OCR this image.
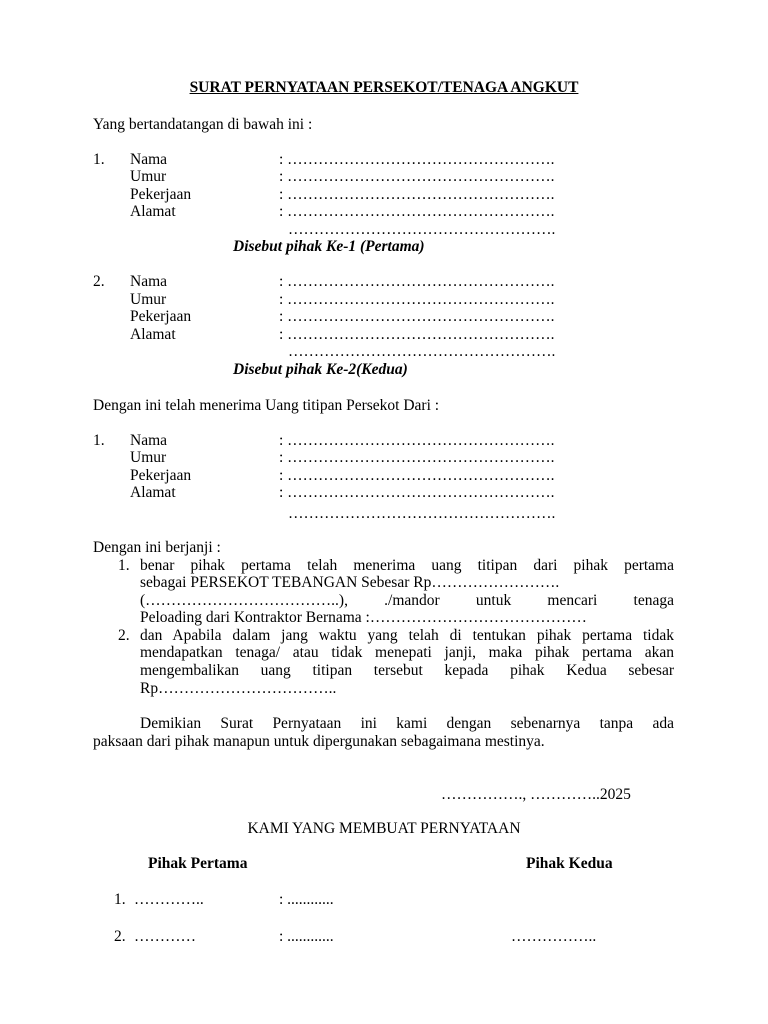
SURAT PERNYATAAN PERSEKOT/TENAGA ANGKUT
Yang bertandatangan di bawah ini :
1. Nama	: …………………………………………….
Umur	: …………………………………………….
Pekerjaan	: …………………………………………….
Alamat	: …………………………………………….
…………………………………………….
Disebut pihak Ke-1 (Pertama)
2. Nama	: …………………………………………….
Umur	: …………………………………………….
Pekerjaan	: …………………………………………….
Alamat	: …………………………………………….
…………………………………………….
Disebut pihak Ke-2(Kedua)
Dengan ini telah menerima Uang titipan Persekot Dari :
1. Nama	: …………………………………………….
Umur	: …………………………………………….
Pekerjaan	: …………………………………………….
Alamat	: …………………………………………….
…………………………………………….
Dengan ini berjanji :
1. benar pihak pertama telah menerima uang titipan dari pihak pertama
sebagai PERSEKOT TEBANGAN Sebesar Rp…………………….
(………………………………..), ./mandor untuk mencari tenaga
Peloading dari Kontraktor Bernama :……………………………………
2. dan Apabila dalam jang waktu yang telah di tentukan pihak pertama tidak
mendapatkan tenaga/ atau tidak menepati janji, maka pihak pertama akan
mengembalikan uang titipan tersebut kepada pihak Kedua sebesar
Rp……………………………..
Demikian Surat Pernyataan ini kami dengan sebenarnya tanpa ada
paksaan dari pihak manapun untuk dipergunakan sebagaimana mestinya.
……………., …………..2025
KAMI YANG MEMBUAT PERNYATAAN
Pihak Pertama	Pihak Kedua
1. …………..	: ............
2. …………	: ............	……………..
